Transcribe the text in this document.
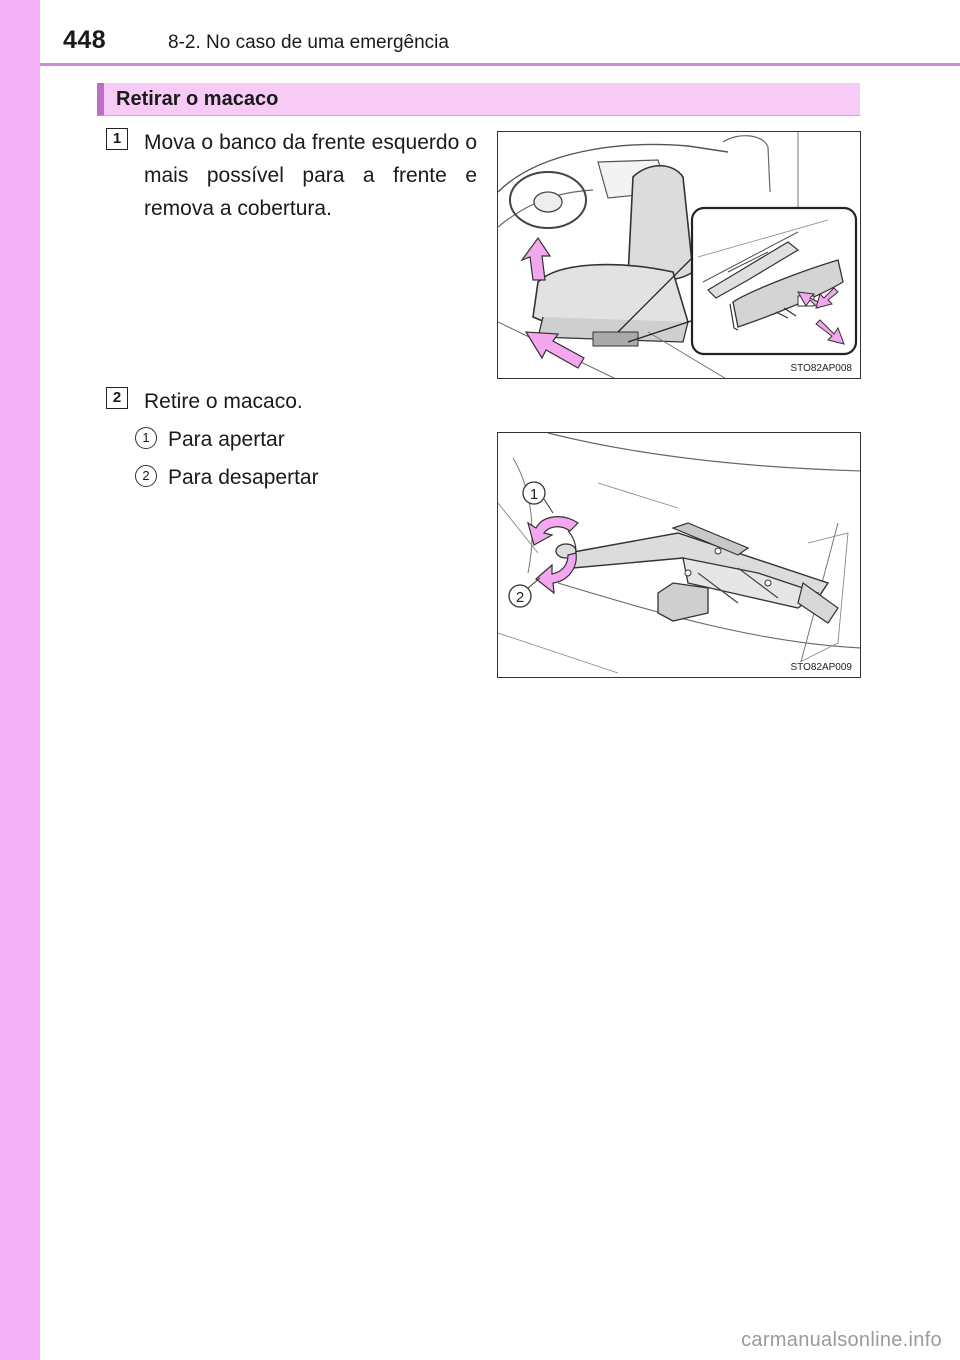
448	8-2. No caso de uma emergência
Retirar o macaco
1	Mova o banco da frente esquerdo o mais possível para a frente e remova a cobertura.
STO82AP008
2	Retire o macaco.
1 Para apertar
2 Para desapertar
1
2
STO82AP009
carmanualsonline.info
